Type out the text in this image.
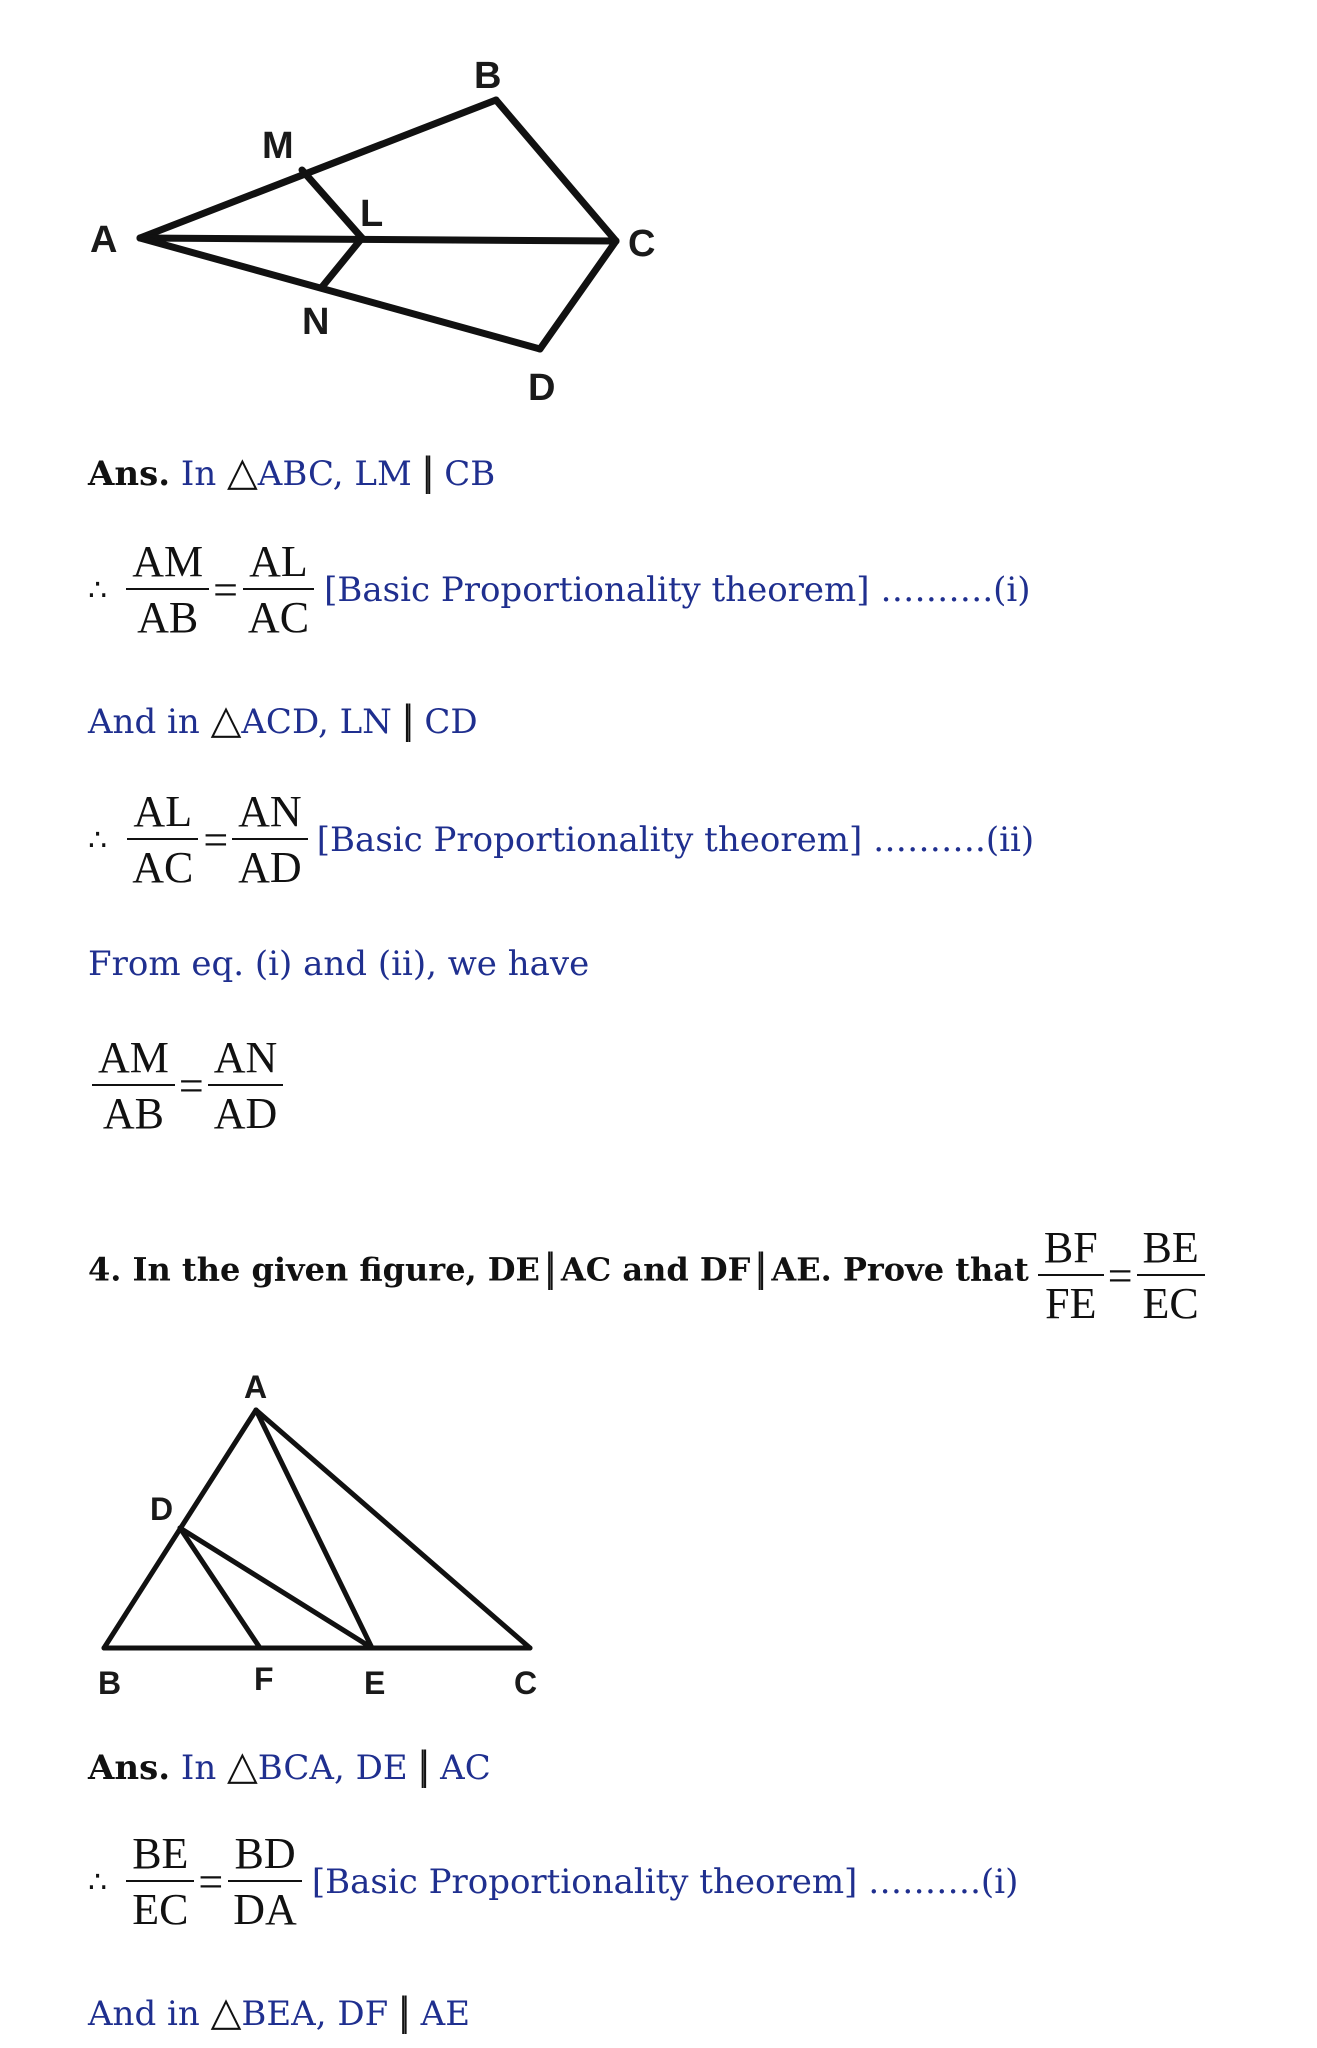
A
B
C
D
L
M
N
Ans. In △ABC, LM || CB
∴ $\frac{AM}{AB} = \frac{AL}{AC}$ [Basic Proportionality theorem] ……….(i)
And in △ACD, LN || CD
∴ $\frac{AL}{AC} = \frac{AN}{AD}$ [Basic Proportionality theorem] ……….(ii)
From eq. (i) and (ii), we have
$\frac{AM}{AB} = \frac{AN}{AD}$
4. In the given figure, DE || AC and DF || AE. Prove that $\frac{BF}{FE} = \frac{BE}{EC}$
A
D
B	F	E	C
Ans. In △BCA, DE || AC
∴ $\frac{BE}{EC} = \frac{BD}{DA}$ [Basic Proportionality theorem] ……….(i)
And in △BEA, DF || AE
